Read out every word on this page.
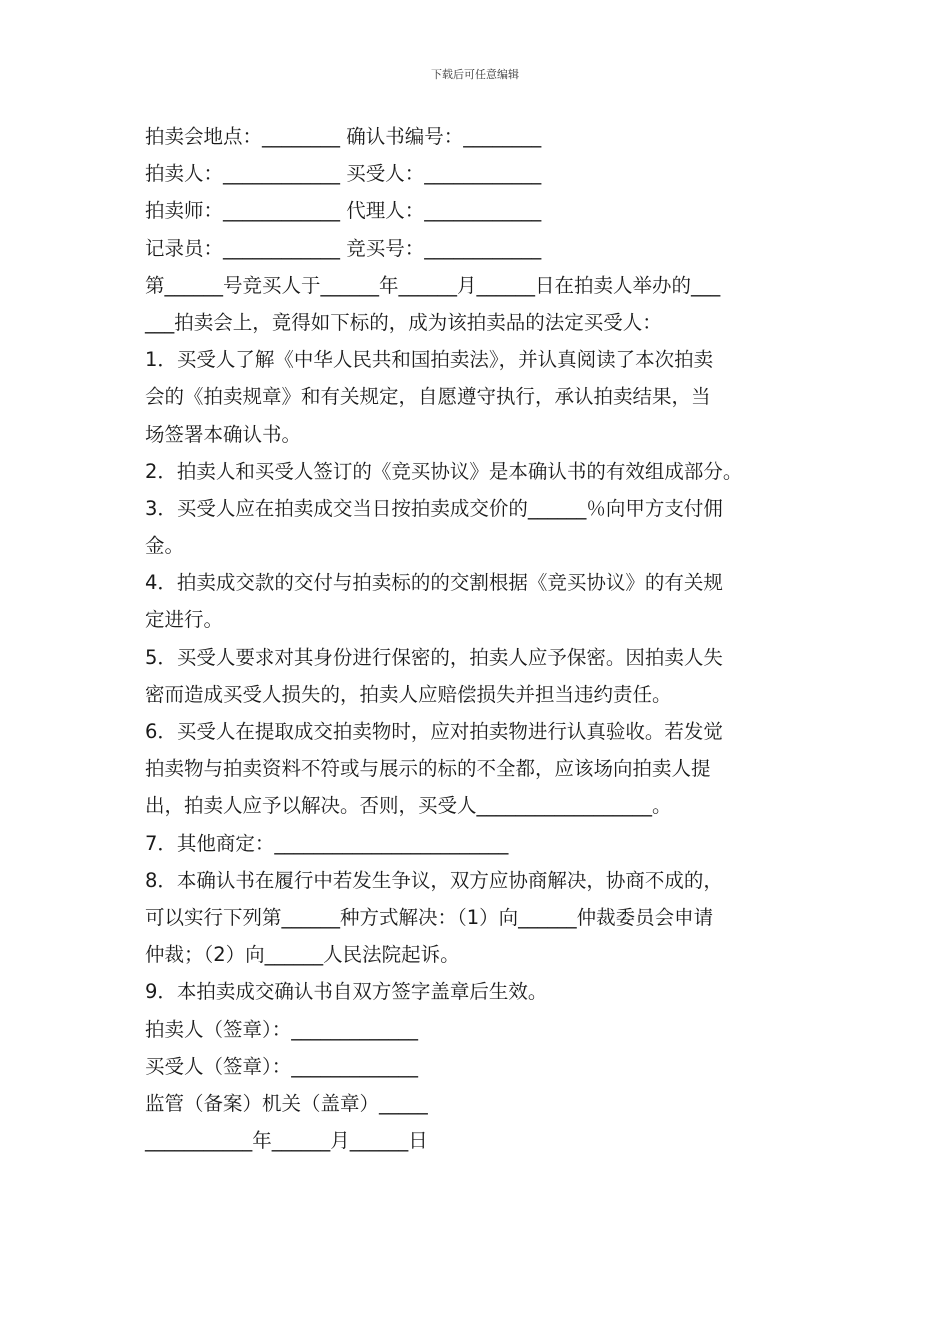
下载后可任意编辑
拍卖会地点：________ 确认书编号：________
拍卖人：____________ 买受人：____________
拍卖师：____________ 代理人：____________
记录员：____________ 竞买号：____________
第______号竞买人于______年______月______日在拍卖人举办的___
___拍卖会上，竟得如下标的，成为该拍卖品的法定买受人：
1．买受人了解《中华人民共和国拍卖法》，并认真阅读了本次拍卖
会的《拍卖规章》和有关规定，自愿遵守执行，承认拍卖结果，当
场签署本确认书。
2．拍卖人和买受人签订的《竞买协议》是本确认书的有效组成部分。
3．买受人应在拍卖成交当日按拍卖成交价的______％向甲方支付佣
金。
4．拍卖成交款的交付与拍卖标的的交割根据《竞买协议》的有关规
定进行。
5．买受人要求对其身份进行保密的，拍卖人应予保密。因拍卖人失
密而造成买受人损失的，拍卖人应赔偿损失并担当违约责任。
6．买受人在提取成交拍卖物时，应对拍卖物进行认真验收。若发觉
拍卖物与拍卖资料不符或与展示的标的不全都，应该场向拍卖人提
出，拍卖人应予以解决。否则，买受人__________________。
7．其他商定：________________________
8．本确认书在履行中若发生争议，双方应协商解决，协商不成的，
可以实行下列第______种方式解决：（1）向______仲裁委员会申请
仲裁；（2）向______人民法院起诉。
9．本拍卖成交确认书自双方签字盖章后生效。
拍卖人（签章）：_____________
买受人（签章）：_____________
监管（备案）机关（盖章）_____
___________年______月______日
